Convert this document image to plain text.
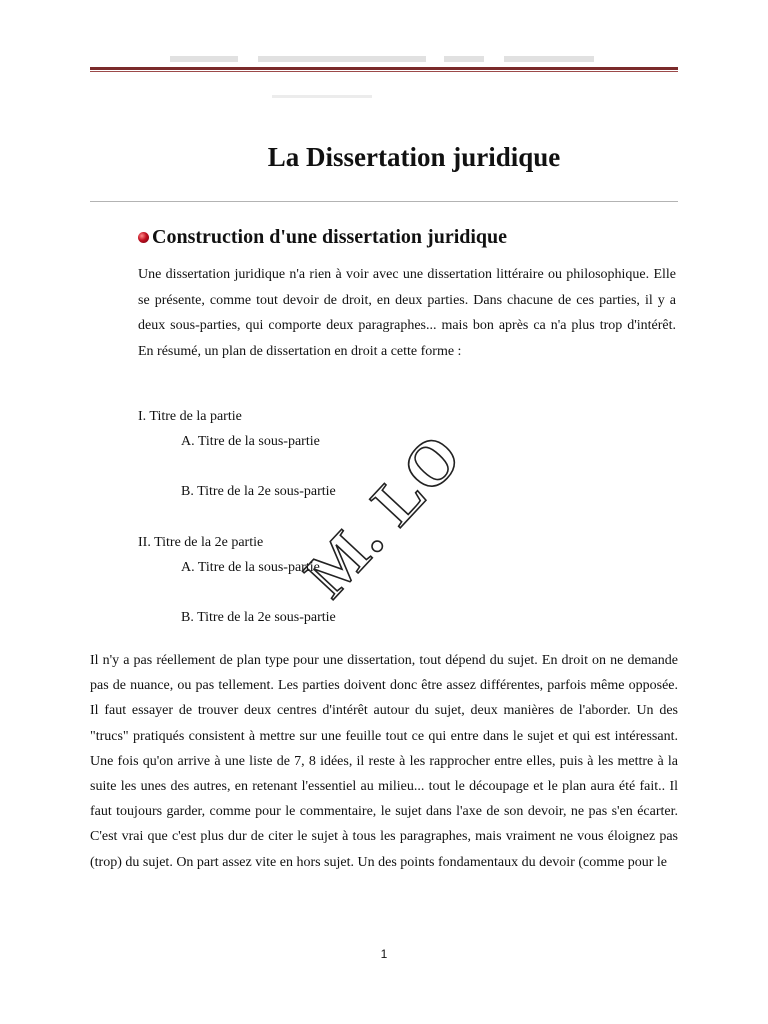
La Dissertation juridique
Construction d'une dissertation juridique
Une dissertation juridique n'a rien à voir avec une dissertation littéraire ou philosophique. Elle se présente, comme tout devoir de droit, en deux parties. Dans chacune de ces parties, il y a deux sous-parties, qui comporte deux paragraphes... mais bon après ca n'a plus trop d'intérêt. En résumé, un plan de dissertation en droit a cette forme :
I. Titre de la partie
A. Titre de la sous-partie
B. Titre de la 2e sous-partie
II. Titre de la 2e partie
A. Titre de la sous-partie
B. Titre de la 2e sous-partie
M. LO
Il n'y a pas réellement de plan type pour une dissertation, tout dépend du sujet. En droit on ne demande pas de nuance, ou pas tellement. Les parties doivent donc être assez différentes, parfois même opposée. Il faut essayer de trouver deux centres d'intérêt autour du sujet, deux manières de l'aborder. Un des "trucs" pratiqués consistent à mettre sur une feuille tout ce qui entre dans le sujet et qui est intéressant. Une fois qu'on arrive à une liste de 7, 8 idées, il reste à les rapprocher entre elles, puis à les mettre à la suite les unes des autres, en retenant l'essentiel au milieu... tout le découpage et le plan aura été fait.. Il faut toujours garder, comme pour le commentaire, le sujet dans l'axe de son devoir, ne pas s'en écarter. C'est vrai que c'est plus dur de citer le sujet à tous les paragraphes, mais vraiment ne vous éloignez pas (trop) du sujet. On part assez vite en hors sujet. Un des points fondamentaux du devoir (comme pour le
1
